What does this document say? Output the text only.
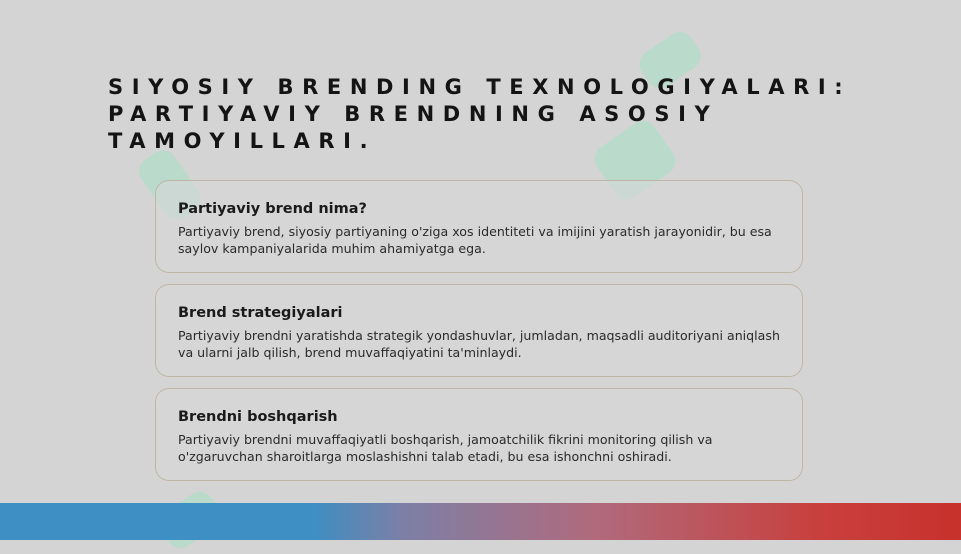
SIYOSIY BRENDING TEXNOLOGIYALARI:
PARTIYAVIY BRENDNING ASOSIY
TAMOYILLARI.

Partiyaviy brend nima?

Partiyaviy brend, siyosiy partiyaning o'ziga xos identiteti va imijini yaratish jarayonidir, bu esa saylov kampaniyalarida muhim ahamiyatga ega.

Brend strategiyalari

Partiyaviy brendni yaratishda strategik yondashuvlar, jumladan, maqsadli auditoriyani aniqlash va ularni jalb qilish, brend muvaffaqiyatini ta'minlaydi.

Brendni boshqarish

Partiyaviy brendni muvaffaqiyatli boshqarish, jamoatchilik fikrini monitoring qilish va o'zgaruvchan sharoitlarga moslashishni talab etadi, bu esa ishonchni oshiradi.
